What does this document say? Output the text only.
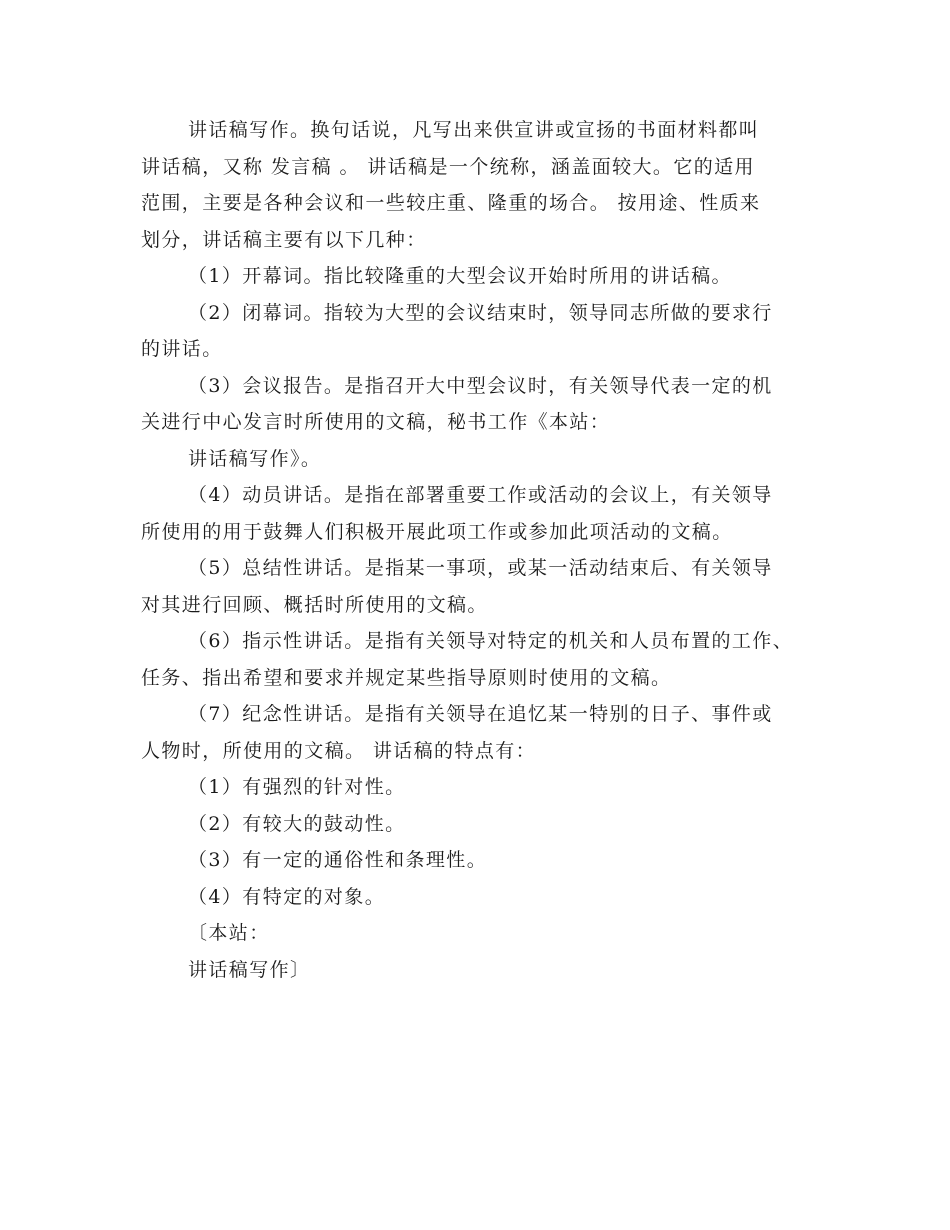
讲话稿写作。换句话说，凡写出来供宣讲或宣扬的书面材料都叫
讲话稿，又称 发言稿 。 讲话稿是一个统称，涵盖面较大。它的适用
范围，主要是各种会议和一些较庄重、隆重的场合。 按用途、性质来
划分，讲话稿主要有以下几种：
（1）开幕词。指比较隆重的大型会议开始时所用的讲话稿。
（2）闭幕词。指较为大型的会议结束时，领导同志所做的要求行
的讲话。
（3）会议报告。是指召开大中型会议时，有关领导代表一定的机
关进行中心发言时所使用的文稿，秘书工作《本站：
讲话稿写作》。
（4）动员讲话。是指在部署重要工作或活动的会议上，有关领导
所使用的用于鼓舞人们积极开展此项工作或参加此项活动的文稿。
（5）总结性讲话。是指某一事项，或某一活动结束后、有关领导
对其进行回顾、概括时所使用的文稿。
（6）指示性讲话。是指有关领导对特定的机关和人员布置的工作、
任务、指出希望和要求并规定某些指导原则时使用的文稿。
（7）纪念性讲话。是指有关领导在追忆某一特别的日子、事件或
人物时，所使用的文稿。 讲话稿的特点有：
（1）有强烈的针对性。
（2）有较大的鼓动性。
（3）有一定的通俗性和条理性。
（4）有特定的对象。
〔本站：
讲话稿写作〕
